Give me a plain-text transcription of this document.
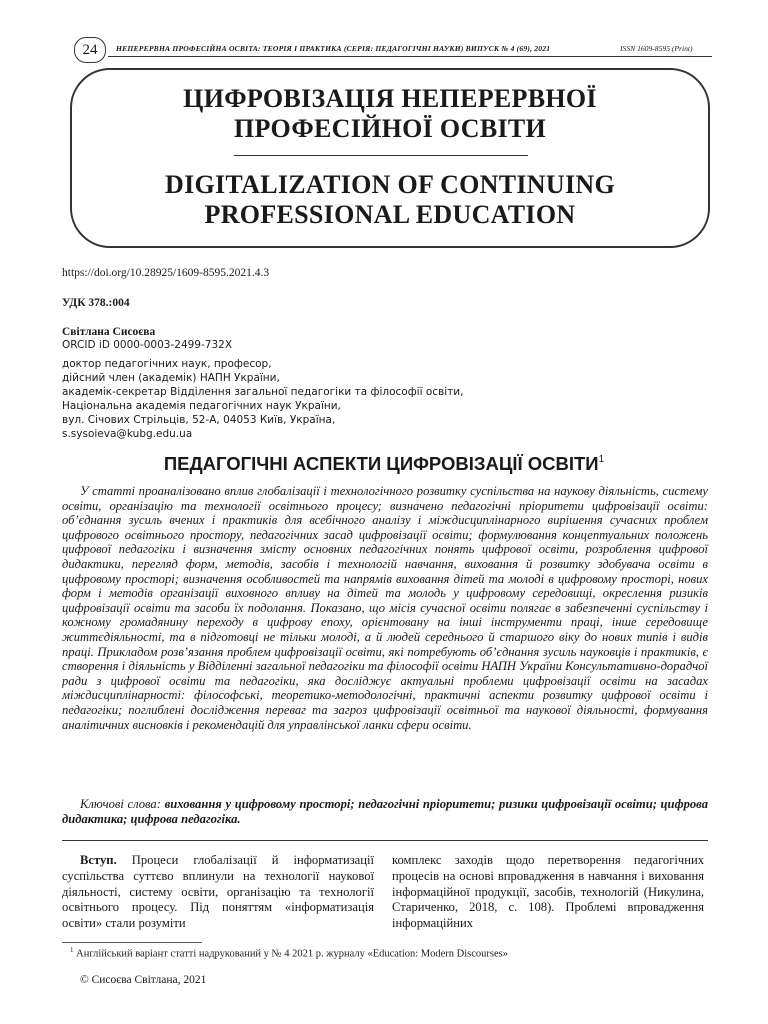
24	НЕПЕРЕРВНА ПРОФЕСІЙНА ОСВІТА: ТЕОРІЯ І ПРАКТИКА (СЕРІЯ: ПЕДАГОГІЧНІ НАУКИ) ВИПУСК № 4 (69), 2021	ISSN 1609-8595 (Print)
ЦИФРОВІЗАЦІЯ НЕПЕРЕРВНОЇ
ПРОФЕСІЙНОЇ ОСВІТИ
DIGITALIZATION OF CONTINUING
PROFESSIONAL EDUCATION
https://doi.org/10.28925/1609-8595.2021.4.3
УДК 378.:004
Світлана Сисоєва
ORCID iD 0000-0003-2499-732X
доктор педагогічних наук, професор,
дійсний член (академік) НАПН України,
академік-секретар Відділення загальної педагогіки та філософії освіти,
Національна академія педагогічних наук України,
вул. Січових Стрільців, 52-А, 04053 Київ, Україна,
s.sysoieva@kubg.edu.ua
ПЕДАГОГІЧНІ АСПЕКТИ ЦИФРОВІЗАЦІЇ ОСВІТИ$^1$

У статті проаналізовано вплив глобалізації і технологічного розвитку суспільства на наукову діяльність, систему освіти, організацію та технології освітнього процесу; визначено педагогічні пріоритети цифровізації освіти: об’єднання зусиль вчених і практиків для всебічного аналізу і міждисциплінарного вирішення сучасних проблем цифрового освітнього простору, педагогічних засад цифровізації освіти; формулювання концептуальних положень цифрової педагогіки і визначення змісту основних педагогічних понять цифрової освіти, розроблення цифрової дидактики, перегляд форм, методів, засобів і технологій навчання, виховання й розвитку здобувача освіти в цифровому просторі; визначення особливостей та напрямів виховання дітей та молоді в цифровому просторі, нових форм і методів організації виховного впливу на дітей та молодь у цифровому середовищі, окреслення ризиків цифровізації освіти та засоби їх подолання. Показано, що місія сучасної освіти полягає в забезпеченні суспільству і кожному громадянину переходу в цифрову епоху, орієнтовану на інші інструменти праці, інше середовище життєдіяльності, та в підготовці не тільки молоді, а й людей середнього й старшого віку до нових типів і видів праці. Прикладом розв’язання проблем цифровізації освіти, які потребують об’єднання зусиль науковців і практиків, є створення і діяльність у Відділенні загальної педагогіки та філософії освіти НАПН України Консультативно-дорадчої ради з цифрової освіти та педагогіки, яка досліджує актуальні проблеми цифровізації освіти на засадах міждисциплінарності: філософські, теоретико-методологічні, практичні аспекти розвитку цифрової освіти і педагогіки; поглиблені дослідження переваг та загроз цифровізації освітньої та наукової діяльності, формування аналітичних висновків і рекомендацій для управлінської ланки сфери освіти.

Ключові слова: виховання у цифровому просторі; педагогічні пріоритети; ризики цифровізації освіти; цифрова дидактика; цифрова педагогіка.

Вступ. Процеси глобалізації й інформатизації суспільства суттєво вплинули на технології наукової діяльності, систему освіти, організацію та технології освітнього процесу. Під поняттям «інформатизація освіти» стали розуміти

комплекс заходів щодо перетворення педагогічних процесів на основі впровадження в навчання і виховання інформаційної продукції, засобів, технологій (Никулина, Стариченко, 2018, с. 108). Проблемі впровадження інформаційних

$^1$ Англійський варіант статті надрукований у № 4 2021 р. журналу «Education: Modern Discourses»
© Сисоєва Світлана, 2021
